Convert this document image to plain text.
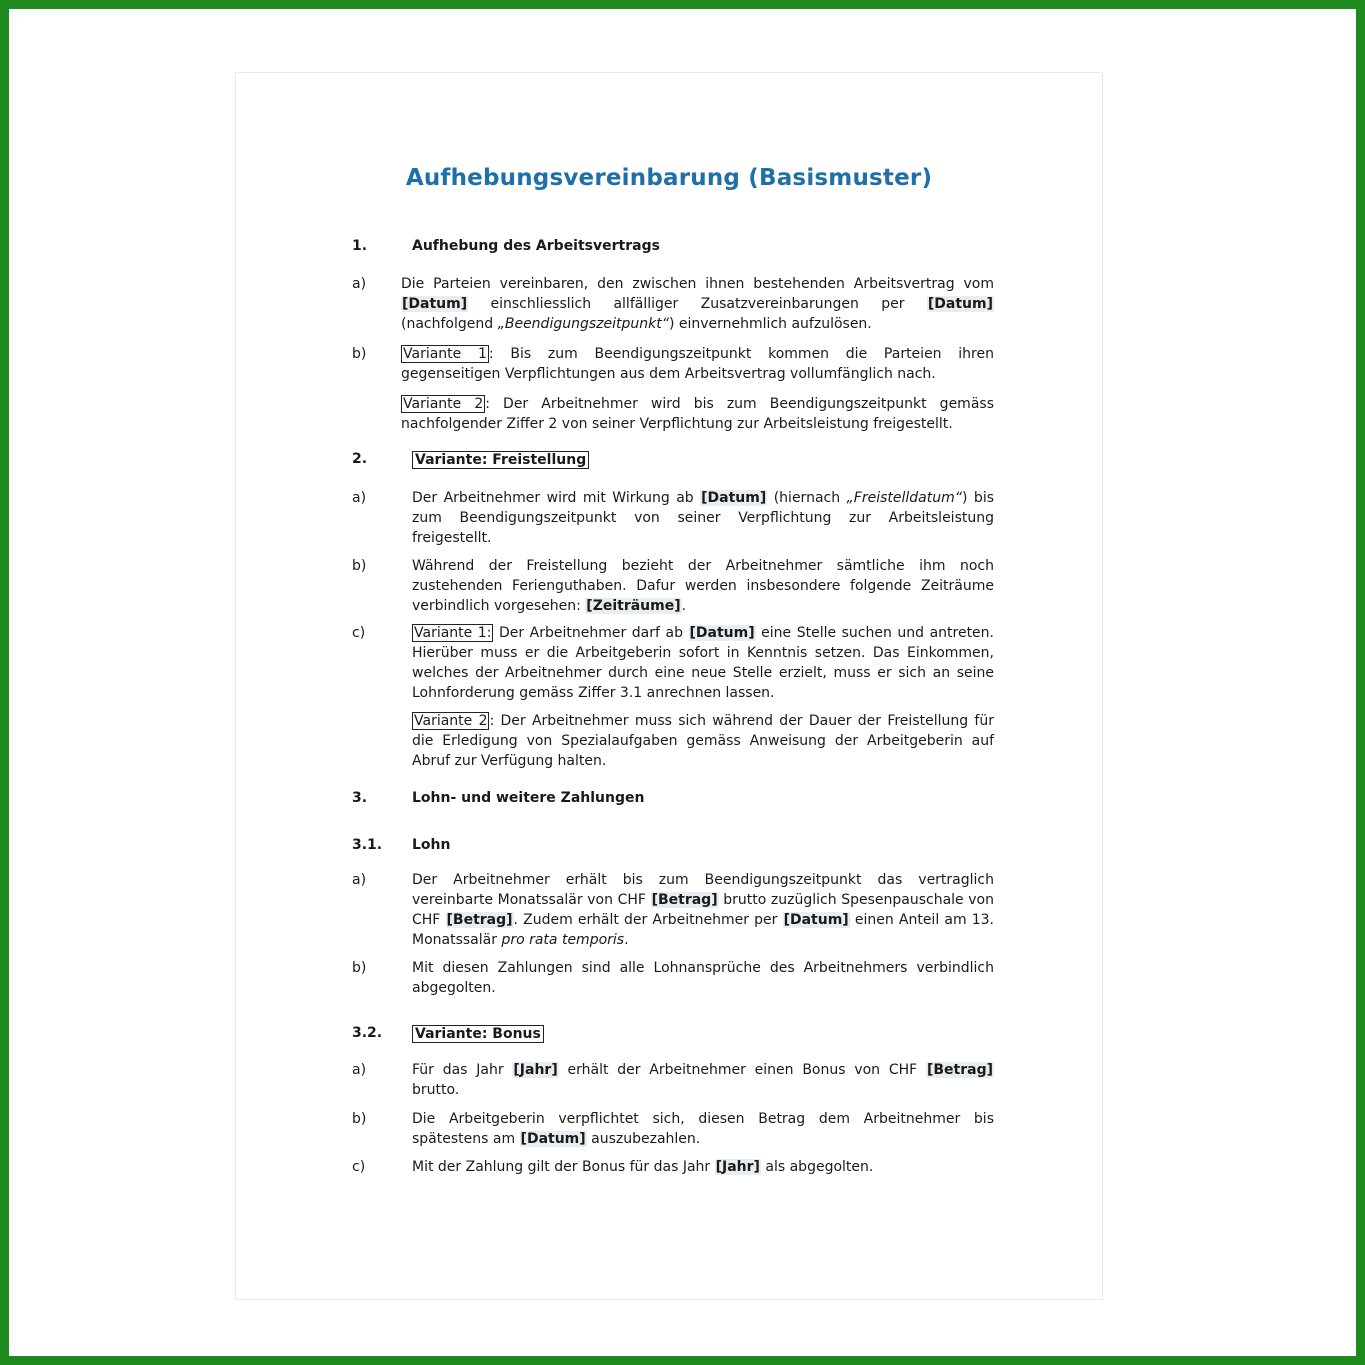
Aufhebungsvereinbarung (Basismuster)
1.	Aufhebung des Arbeitsvertrags
a)	Die Parteien vereinbaren, den zwischen ihnen bestehenden Arbeitsvertrag vom [Datum] einschliesslich allfälliger Zusatzvereinbarungen per [Datum] (nachfolgend „Beendigungszeitpunkt“) einvernehmlich aufzulösen.
b)	Variante 1 : Bis zum Beendigungszeitpunkt kommen die Parteien ihren gegenseitigen Verpflichtungen aus dem Arbeitsvertrag vollumfänglich nach.
Variante 2 : Der Arbeitnehmer wird bis zum Beendigungszeitpunkt gemäss nachfolgender Ziffer 2 von seiner Verpflichtung zur Arbeitsleistung freigestellt.
2.	Variante: Freistellung
a)	Der Arbeitnehmer wird mit Wirkung ab [Datum] (hiernach „Freistelldatum“) bis zum Beendigungszeitpunkt von seiner Verpflichtung zur Arbeitsleistung freigestellt.
b)	Während der Freistellung bezieht der Arbeitnehmer sämtliche ihm noch zustehenden Ferienguthaben. Dafur werden insbesondere folgende Zeiträume verbindlich vorgesehen: [Zeiträume].
c)	Variante 1: Der Arbeitnehmer darf ab [Datum] eine Stelle suchen und antreten. Hierüber muss er die Arbeitgeberin sofort in Kenntnis setzen. Das Einkommen, welches der Arbeitnehmer durch eine neue Stelle erzielt, muss er sich an seine Lohnforderung gemäss Ziffer 3.1 anrechnen lassen.
Variante 2 : Der Arbeitnehmer muss sich während der Dauer der Freistellung für die Erledigung von Spezialaufgaben gemäss Anweisung der Arbeitgeberin auf Abruf zur Verfügung halten.
3.	Lohn- und weitere Zahlungen
3.1.	Lohn
a)	Der Arbeitnehmer erhält bis zum Beendigungszeitpunkt das vertraglich vereinbarte Monatssalär von CHF [Betrag] brutto zuzüglich Spesenpauschale von CHF [Betrag]. Zudem erhält der Arbeitnehmer per [Datum] einen Anteil am 13. Monatssalär pro rata temporis.
b)	Mit diesen Zahlungen sind alle Lohnansprüche des Arbeitnehmers verbindlich abgegolten.
3.2.	Variante: Bonus
a)	Für das Jahr [Jahr] erhält der Arbeitnehmer einen Bonus von CHF [Betrag] brutto.
b)	Die Arbeitgeberin verpflichtet sich, diesen Betrag dem Arbeitnehmer bis spätestens am [Datum] auszubezahlen.
c)	Mit der Zahlung gilt der Bonus für das Jahr [Jahr] als abgegolten.
